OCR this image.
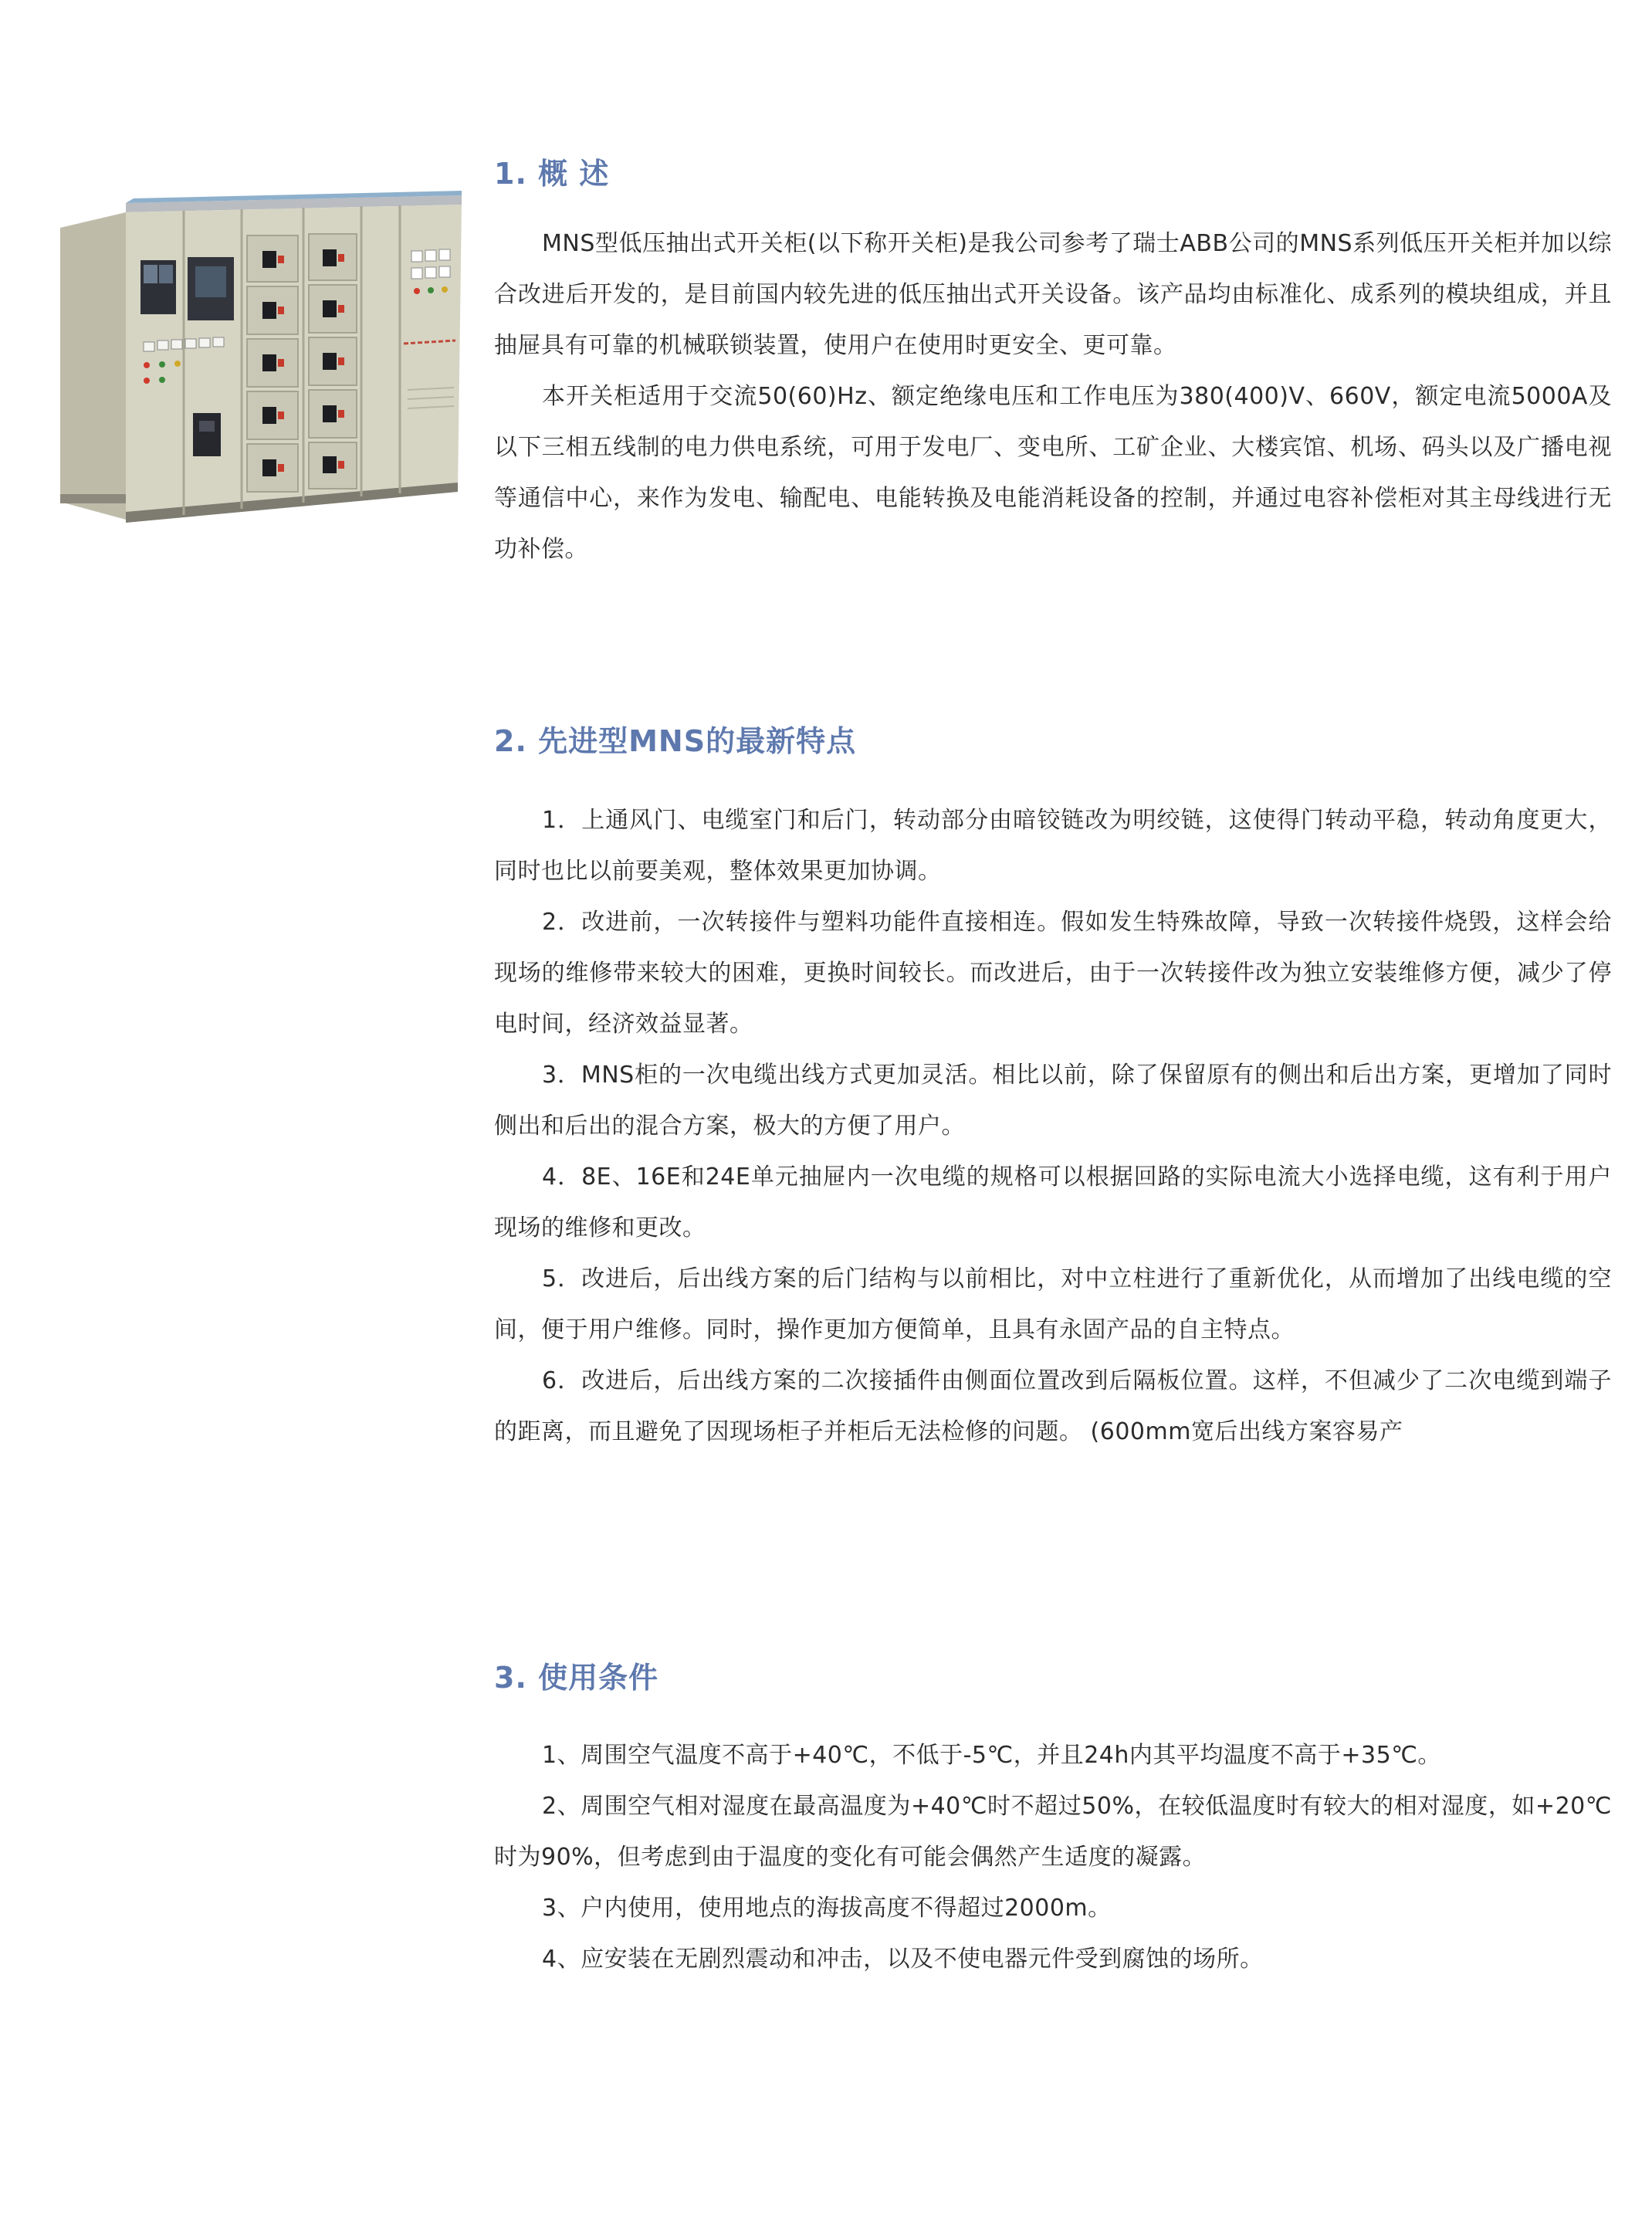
1. 概 述

MNS型低压抽出式开关柜(以下称开关柜)是我公司参考了瑞士ABB公司的MNS系列低压开关柜并加以综合改进后开发的，是目前国内较先进的低压抽出式开关设备。该产品均由标准化、成系列的模块组成，并且抽屉具有可靠的机械联锁装置，使用户在使用时更安全、更可靠。

本开关柜适用于交流50(60)Hz、额定绝缘电压和工作电压为380(400)V、660V，额定电流5000A及以下三相五线制的电力供电系统，可用于发电厂、变电所、工矿企业、大楼宾馆、机场、码头以及广播电视等通信中心，来作为发电、输配电、电能转换及电能消耗设备的控制，并通过电容补偿柜对其主母线进行无功补偿。

2. 先进型MNS的最新特点

1．上通风门、电缆室门和后门，转动部分由暗铰链改为明绞链，这使得门转动平稳，转动角度更大，同时也比以前要美观，整体效果更加协调。

2．改进前，一次转接件与塑料功能件直接相连。假如发生特殊故障，导致一次转接件烧毁，这样会给现场的维修带来较大的困难，更换时间较长。而改进后，由于一次转接件改为独立安装维修方便，减少了停电时间，经济效益显著。

3．MNS柜的一次电缆出线方式更加灵活。相比以前，除了保留原有的侧出和后出方案，更增加了同时侧出和后出的混合方案，极大的方便了用户。

4．8E、16E和24E单元抽屉内一次电缆的规格可以根据回路的实际电流大小选择电缆，这有利于用户现场的维修和更改。

5．改进后，后出线方案的后门结构与以前相比，对中立柱进行了重新优化，从而增加了出线电缆的空间，便于用户维修。同时，操作更加方便简单，且具有永固产品的自主特点。

6．改进后，后出线方案的二次接插件由侧面位置改到后隔板位置。这样，不但减少了二次电缆到端子的距离，而且避免了因现场柜子并柜后无法检修的问题。 (600mm宽后出线方案容易产

3. 使用条件

1、周围空气温度不高于+40℃，不低于-5℃，并且24h内其平均温度不高于+35℃。

2、周围空气相对湿度在最高温度为+40℃时不超过50%，在较低温度时有较大的相对湿度，如+20℃时为90%，但考虑到由于温度的变化有可能会偶然产生适度的凝露。

3、户内使用，使用地点的海拔高度不得超过2000m。

4、应安装在无剧烈震动和冲击，以及不使电器元件受到腐蚀的场所。
